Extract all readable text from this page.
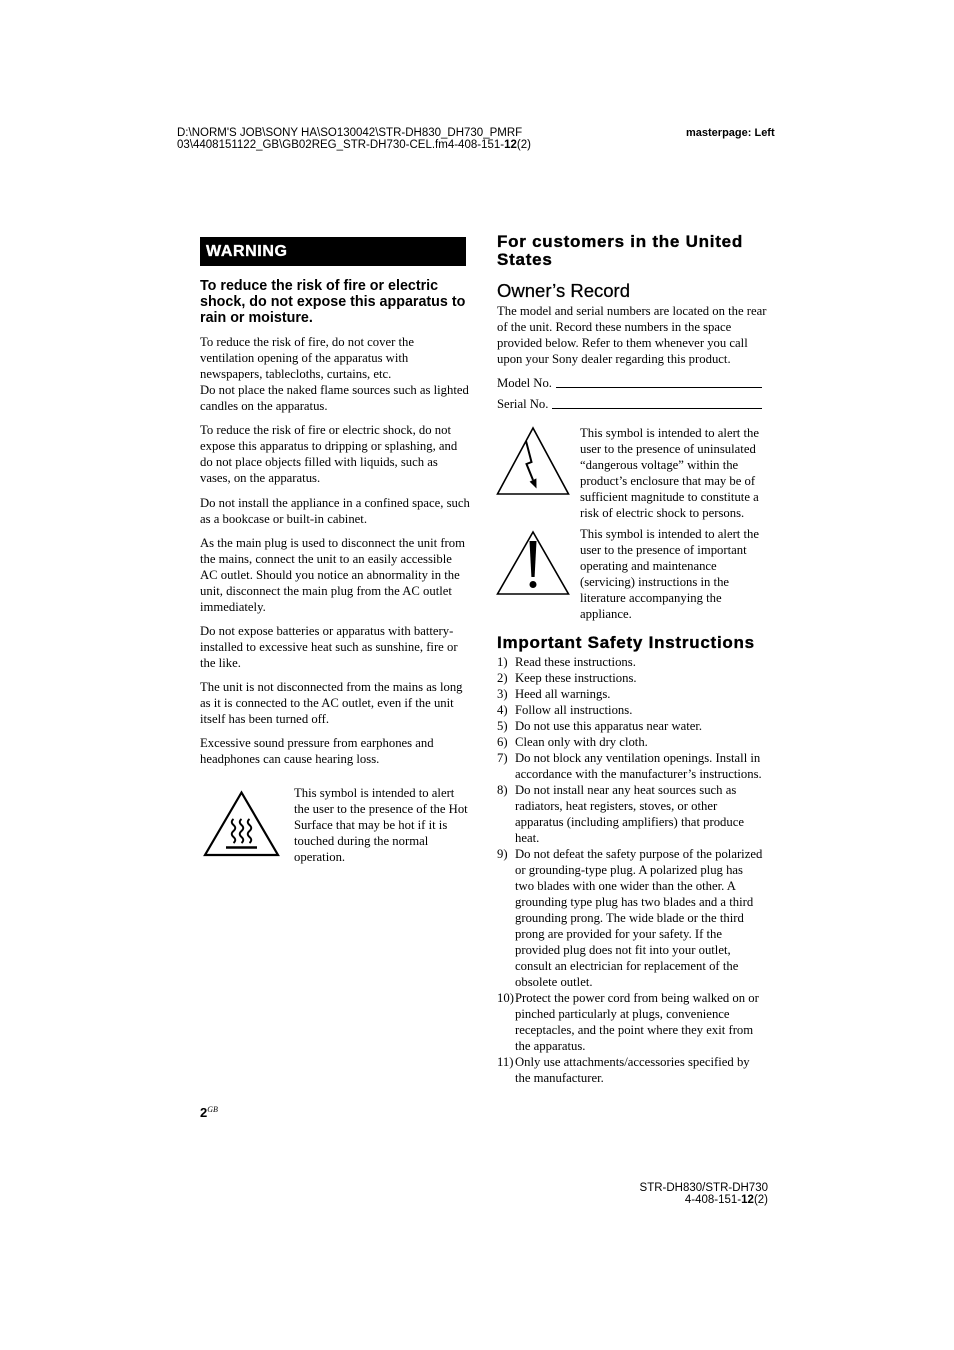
D:\NORM'S JOB\SONY HA\SO130042\STR-DH830_DH730_PMRF
03\4408151122_GB\GB02REG_STR-DH730-CEL.fm4-408-151-12(2)
masterpage: Left
WARNING
To reduce the risk of fire or electric
shock, do not expose this apparatus to
rain or moisture.
To reduce the risk of fire, do not cover the
ventilation opening of the apparatus with
newspapers, tablecloths, curtains, etc.
Do not place the naked flame sources such as lighted
candles on the apparatus.
To reduce the risk of fire or electric shock, do not
expose this apparatus to dripping or splashing, and
do not place objects filled with liquids, such as
vases, on the apparatus.
Do not install the appliance in a confined space, such
as a bookcase or built-in cabinet.
As the main plug is used to disconnect the unit from
the mains, connect the unit to an easily accessible
AC outlet. Should you notice an abnormality in the
unit, disconnect the main plug from the AC outlet
immediately.
Do not expose batteries or apparatus with battery-
installed to excessive heat such as sunshine, fire or
the like.
The unit is not disconnected from the mains as long
as it is connected to the AC outlet, even if the unit
itself has been turned off.
Excessive sound pressure from earphones and
headphones can cause hearing loss.
This symbol is intended to alert
the user to the presence of the Hot
Surface that may be hot if it is
touched during the normal
operation.
For customers in the United
States
Owner’s Record
The model and serial numbers are located on the rear
of the unit. Record these numbers in the space
provided below. Refer to them whenever you call
upon your Sony dealer regarding this product.
Model No.
Serial No.
This symbol is intended to alert the
user to the presence of uninsulated
“dangerous voltage” within the
product’s enclosure that may be of
sufficient magnitude to constitute a
risk of electric shock to persons.
This symbol is intended to alert the
user to the presence of important
operating and maintenance
(servicing) instructions in the
literature accompanying the
appliance.
Important Safety Instructions
1) Read these instructions.
2) Keep these instructions.
3) Heed all warnings.
4) Follow all instructions.
5) Do not use this apparatus near water.
6) Clean only with dry cloth.
7) Do not block any ventilation openings. Install in
accordance with the manufacturer’s instructions.
8) Do not install near any heat sources such as
radiators, heat registers, stoves, or other
apparatus (including amplifiers) that produce
heat.
9) Do not defeat the safety purpose of the polarized
or grounding-type plug. A polarized plug has
two blades with one wider than the other. A
grounding type plug has two blades and a third
grounding prong. The wide blade or the third
prong are provided for your safety. If the
provided plug does not fit into your outlet,
consult an electrician for replacement of the
obsolete outlet.
10) Protect the power cord from being walked on or
pinched particularly at plugs, convenience
receptacles, and the point where they exit from
the apparatus.
11) Only use attachments/accessories specified by
the manufacturer.
$2^{GB}$
STR-DH830/STR-DH730
4-408-151-12(2)
